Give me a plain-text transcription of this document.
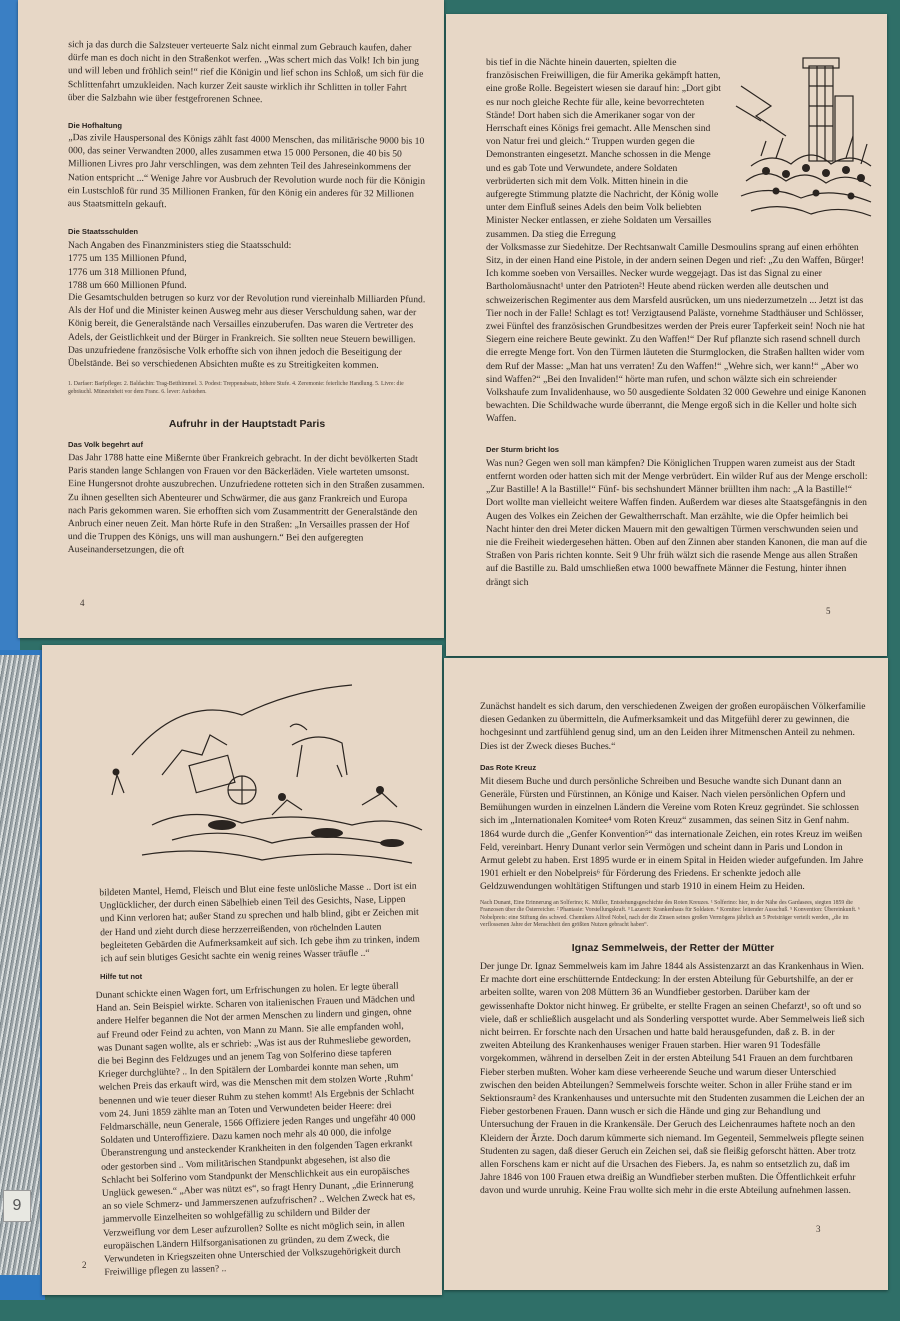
9

sich ja das durch die Salzsteuer verteuerte Salz nicht einmal zum Gebrauch kaufen, daher dürfe man es doch nicht in den Straßenkot werfen. „Was schert mich das Volk! Ich bin jung und will leben und fröhlich sein!“ rief die Königin und lief schon ins Schloß, um sich für die Schlittenfahrt umzukleiden. Nach kurzer Zeit sauste wirklich ihr Schlitten in toller Fahrt über die Salzbahn wie über festgefrorenen Schnee.

Die Hofhaltung

„Das zivile Hauspersonal des Königs zählt fast 4000 Menschen, das militärische 9000 bis 10 000, das seiner Verwandten 2000, alles zusammen etwa 15 000 Personen, die 40 bis 50 Millionen Livres pro Jahr verschlingen, was dem zehnten Teil des Jahreseinkommens der Nation entspricht ...“ Wenige Jahre vor Ausbruch der Revolution wurde noch für die Königin ein Lustschloß für rund 35 Millionen Franken, für den König ein anderes für 32 Millionen aus Staatsmitteln gekauft.

Die Staatsschulden

Nach Angaben des Finanzministers stieg die Staatsschuld:

1775 um 135 Millionen Pfund,

1776 um 318 Millionen Pfund,

1788 um 660 Millionen Pfund.

Die Gesamtschulden betrugen so kurz vor der Revolution rund viereinhalb Milliarden Pfund. Als der Hof und die Minister keinen Ausweg mehr aus dieser Verschuldung sahen, war der König bereit, die Generalstände nach Versailles einzuberufen. Das waren die Vertreter des Adels, der Geistlichkeit und der Bürger in Frankreich. Sie sollten neue Steuern bewilligen. Das unzufriedene französische Volk erhoffte sich von ihnen jedoch die Beseitigung der Übelstände. Bei so verschiedenen Absichten mußte es zu Streitigkeiten kommen.

1. Darfaer: Barfpfleger. 2. Baldachin: Trag-Betthimmel. 3. Podest: Treppenabsatz, höhere Stufe. 4. Zeremonie: feierliche Handlung. 5. Livre: die gebräuchl. Münzeinheit vor dem Franc. 6. lever: Aufstehen.

Aufruhr in der Hauptstadt Paris
Das Volk begehrt auf

Das Jahr 1788 hatte eine Mißernte über Frankreich gebracht. In der dicht bevölkerten Stadt Paris standen lange Schlangen von Frauen vor den Bäckerläden. Viele warteten umsonst. Eine Hungersnot drohte auszubrechen. Unzufriedene rotteten sich in den Straßen zusammen. Zu ihnen gesellten sich Abenteurer und Schwärmer, die aus ganz Frankreich und Europa nach Paris gekommen waren. Sie erhofften sich vom Zusammentritt der Generalstände den Anbruch einer neuen Zeit. Man hörte Rufe in den Straßen: „In Versailles prassen der Hof und die Truppen des Königs, uns will man aushungern.“ Bei den aufgeregten Auseinandersetzungen, die oft

4

bis tief in die Nächte hinein dauerten, spielten die französischen Freiwilligen, die für Amerika gekämpft hatten, eine große Rolle. Begeistert wiesen sie darauf hin: „Dort gibt es nur noch gleiche Rechte für alle, keine bevorrechteten Stände! Dort haben sich die Amerikaner sogar von der Herrschaft eines Königs frei gemacht. Alle Menschen sind von Natur frei und gleich.“ Truppen wurden gegen die Demonstranten eingesetzt. Manche schossen in die Menge und es gab Tote und Verwundete, andere Soldaten verbrüderten sich mit dem Volk. Mitten hinein in die aufgeregte Stimmung platzte die Nachricht, der König wolle unter dem Einfluß seines Adels den beim Volk beliebten Minister Necker entlassen, er ziehe Soldaten um Versailles zusammen. Da stieg die Erregung

der Volksmasse zur Siedehitze. Der Rechtsanwalt Camille Desmoulins sprang auf einen erhöhten Sitz, in der einen Hand eine Pistole, in der andern seinen Degen und rief: „Zu den Waffen, Bürger! Ich komme soeben von Versailles. Necker wurde weggejagt. Das ist das Signal zu einer Bartholomäusnacht¹ unter den Patrioten²! Heute abend rücken werden alle deutschen und schweizerischen Regimenter aus dem Marsfeld ausrücken, um uns niederzumetzeln ... Jetzt ist das Tier noch in der Falle! Schlagt es tot! Verzigtausend Paläste, vornehme Stadthäuser und Schlösser, zwei Fünftel des französischen Grundbesitzes werden der Preis eurer Tapferkeit sein! Noch nie hat Siegern eine reichere Beute gewinkt. Zu den Waffen!“ Der Ruf pflanzte sich rasend schnell durch die erregte Menge fort. Von den Türmen läuteten die Sturmglocken, die Straßen hallten wider vom dem Ruf der Masse: „Man hat uns verraten! Zu den Waffen!“ „Wehre sich, wer kann!“ „Aber wo sind Waffen?“ „Bei den Invaliden!“ hörte man rufen, und schon wälzte sich ein schreiender Volkshaufe zum Invalidenhause, wo 50 ausgediente Soldaten 32 000 Gewehre und einige Kanonen bewachten. Die Schildwache wurde überrannt, die Menge ergoß sich in die Keller und holte sich Waffen.

Der Sturm bricht los

Was nun? Gegen wen soll man kämpfen? Die Königlichen Truppen waren zumeist aus der Stadt entfernt worden oder hatten sich mit der Menge verbrüdert. Ein wilder Ruf aus der Menge erscholl: „Zur Bastille! A la Bastille!“ Fünf- bis sechshundert Männer brüllten ihm nach: „A la Bastille!“ Dort wollte man vielleicht weitere Waffen finden. Außerdem war dieses alte Staatsgefängnis in den Augen des Volkes ein Zeichen der Gewaltherrschaft. Man erzählte, wie die Opfer heimlich bei Nacht hinter den drei Meter dicken Mauern mit den gewaltigen Türmen verschwunden seien und nie die Freiheit wiedergesehen hätten. Oben auf den Zinnen aber standen Kanonen, die man auf die Straßen von Paris richten konnte. Seit 9 Uhr früh wälzt sich die rasende Menge aus allen Straßen auf die Bastille zu. Bald umschließen etwa 1000 bewaffnete Männer die Festung, hinter ihnen drängt sich

5

bildeten Mantel, Hemd, Fleisch und Blut eine feste unlösliche Masse .. Dort ist ein Unglücklicher, der durch einen Säbelhieb einen Teil des Gesichts, Nase, Lippen und Kinn verloren hat; außer Stand zu sprechen und halb blind, gibt er Zeichen mit der Hand und zieht durch diese herzzerreißenden, von röchelnden Lauten begleiteten Gebärden die Aufmerksamkeit auf sich. Ich gebe ihm zu trinken, indem ich auf sein blutiges Gesicht sachte ein wenig reines Wasser träufle ..“

Hilfe tut not

Dunant schickte einen Wagen fort, um Erfrischungen zu holen. Er legte überall Hand an. Sein Beispiel wirkte. Scharen von italienischen Frauen und Mädchen und andere Helfer begannen die Not der armen Menschen zu lindern und gingen, ohne auf Freund oder Feind zu achten, von Mann zu Mann. Sie alle empfanden wohl, was Dunant sagen wollte, als er schrieb: „Was ist aus der Ruhmesliebe geworden, die bei Beginn des Feldzuges und an jenem Tag von Solferino diese tapferen Krieger durchglühte? .. In den Spitälern der Lombardei konnte man sehen, um welchen Preis das erkauft wird, was die Menschen mit dem stolzen Worte ‚Ruhm‘ benennen und wie teuer dieser Ruhm zu stehen kommt! Als Ergebnis der Schlacht vom 24. Juni 1859 zählte man an Toten und Verwundeten beider Heere: drei Feldmarschälle, neun Generale, 1566 Offiziere jeden Ranges und ungefähr 40 000 Soldaten und Unteroffiziere. Dazu kamen noch mehr als 40 000, die infolge Überanstrengung und ansteckender Krankheiten in den folgenden Tagen erkrankt oder gestorben sind .. Vom militärischen Standpunkt abgesehen, ist also die Schlacht bei Solferino vom Standpunkt der Menschlichkeit aus ein europäisches Unglück gewesen.“ „Aber was nützt es“, so fragt Henry Dunant, „die Erinnerung an so viele Schmerz- und Jammerszenen aufzufrischen? .. Welchen Zweck hat es, jammervolle Einzelheiten so wohlgefällig zu schildern und Bilder der Verzweiflung vor dem Leser aufzurollen? Sollte es nicht möglich sein, in allen europäischen Ländern Hilfsorganisationen zu gründen, zu dem Zweck, die Verwundeten in Kriegszeiten ohne Unterschied der Volkszugehörigkeit durch Freiwillige pflegen zu lassen? ..

2

Zunächst handelt es sich darum, den verschiedenen Zweigen der großen europäischen Völkerfamilie diesen Gedanken zu übermitteln, die Aufmerksamkeit und das Mitgefühl derer zu gewinnen, die hochgesinnt und zartfühlend genug sind, um an den Leiden ihrer Mitmenschen Anteil zu nehmen. Dies ist der Zweck dieses Buches.“

Das Rote Kreuz

Mit diesem Buche und durch persönliche Schreiben und Besuche wandte sich Dunant dann an Generäle, Fürsten und Fürstinnen, an Könige und Kaiser. Nach vielen persönlichen Opfern und Bemühungen wurden in einzelnen Ländern die Vereine vom Roten Kreuz gegründet. Sie schlossen sich im „Internationalen Komitee⁴ vom Roten Kreuz“ zusammen, das seinen Sitz in Genf nahm. 1864 wurde durch die „Genfer Konvention⁵“ das internationale Zeichen, ein rotes Kreuz im weißen Feld, vereinbart. Henry Dunant verlor sein Vermögen und scheint dann in Paris und London in Armut gelebt zu haben. Erst 1895 wurde er in einem Spital in Heiden wieder aufgefunden. Im Jahre 1901 erhielt er den Nobelpreis⁶ für Förderung des Friedens. Er schenkte jedoch alle Geldzuwendungen wohltätigen Stiftungen und starb 1910 in einem Heim zu Heiden.

Nach Dunant, Eine Erinnerung an Solferino; K. Müller, Entstehungsgeschichte des Roten Kreuzes. ¹ Solferino: hier, in der Nähe des Gardasees, siegten 1859 die Franzosen über die Österreicher. ² Phantasie: Vorstellungskraft. ³ Lazarett: Krankenhaus für Soldaten. ⁴ Komitee: leitender Ausschuß. ⁵ Konvention: Übereinkunft. ⁶ Nobelpreis: eine Stiftung des schwed. Chemikers Alfred Nobel, nach der die Zinsen seines großen Vermögens jährlich an 5 Preisträger verteilt werden, „die im verflossenen Jahre der Menschheit den größten Nutzen gebracht haben“.

Ignaz Semmelweis, der Retter der Mütter

Der junge Dr. Ignaz Semmelweis kam im Jahre 1844 als Assistenzarzt an das Krankenhaus in Wien. Er machte dort eine erschütternde Entdeckung: In der ersten Abteilung für Geburtshilfe, an der er arbeiten sollte, waren von 208 Müttern 36 an Wundfieber gestorben. Darüber kam der gewissenhafte Doktor nicht hinweg. Er grübelte, er stellte Fragen an seinen Chefarzt¹, so oft und so viele, daß er schließlich ausgelacht und als Sonderling verspottet wurde. Aber Semmelweis ließ sich nicht beirren. Er forschte nach den Ursachen und hatte bald herausgefunden, daß z. B. in der zweiten Abteilung des Krankenhauses weniger Frauen starben. Hier waren 91 Todesfälle vorgekommen, während in derselben Zeit in der ersten Abteilung 541 Frauen an dem furchtbaren Fieber sterben mußten. Woher kam diese verheerende Seuche und warum dieser Unterschied zwischen den beiden Abteilungen? Semmelweis forschte weiter. Schon in aller Frühe stand er im Sektionsraum² des Krankenhauses und untersuchte mit den Studenten zusammen die Leichen der an Fieber gestorbenen Frauen. Dann wusch er sich die Hände und ging zur Behandlung und Untersuchung der Frauen in die Krankensäle. Der Geruch des Leichenraumes haftete noch an den Kleidern der Ärzte. Doch darum kümmerte sich niemand. Im Gegenteil, Semmelweis pflegte seinen Studenten zu sagen, daß dieser Geruch ein Zeichen sei, daß sie fleißig geforscht hätten. Aber trotz allen Forschens kam er nicht auf die Ursachen des Fiebers. Ja, es nahm so entsetzlich zu, daß im Jahre 1846 von 100 Frauen etwa dreißig an Wundfieber sterben mußten. Die Öffentlichkeit erfuhr davon und wurde unruhig. Keine Frau wollte sich mehr in die erste Abteilung aufnehmen lassen.

3
